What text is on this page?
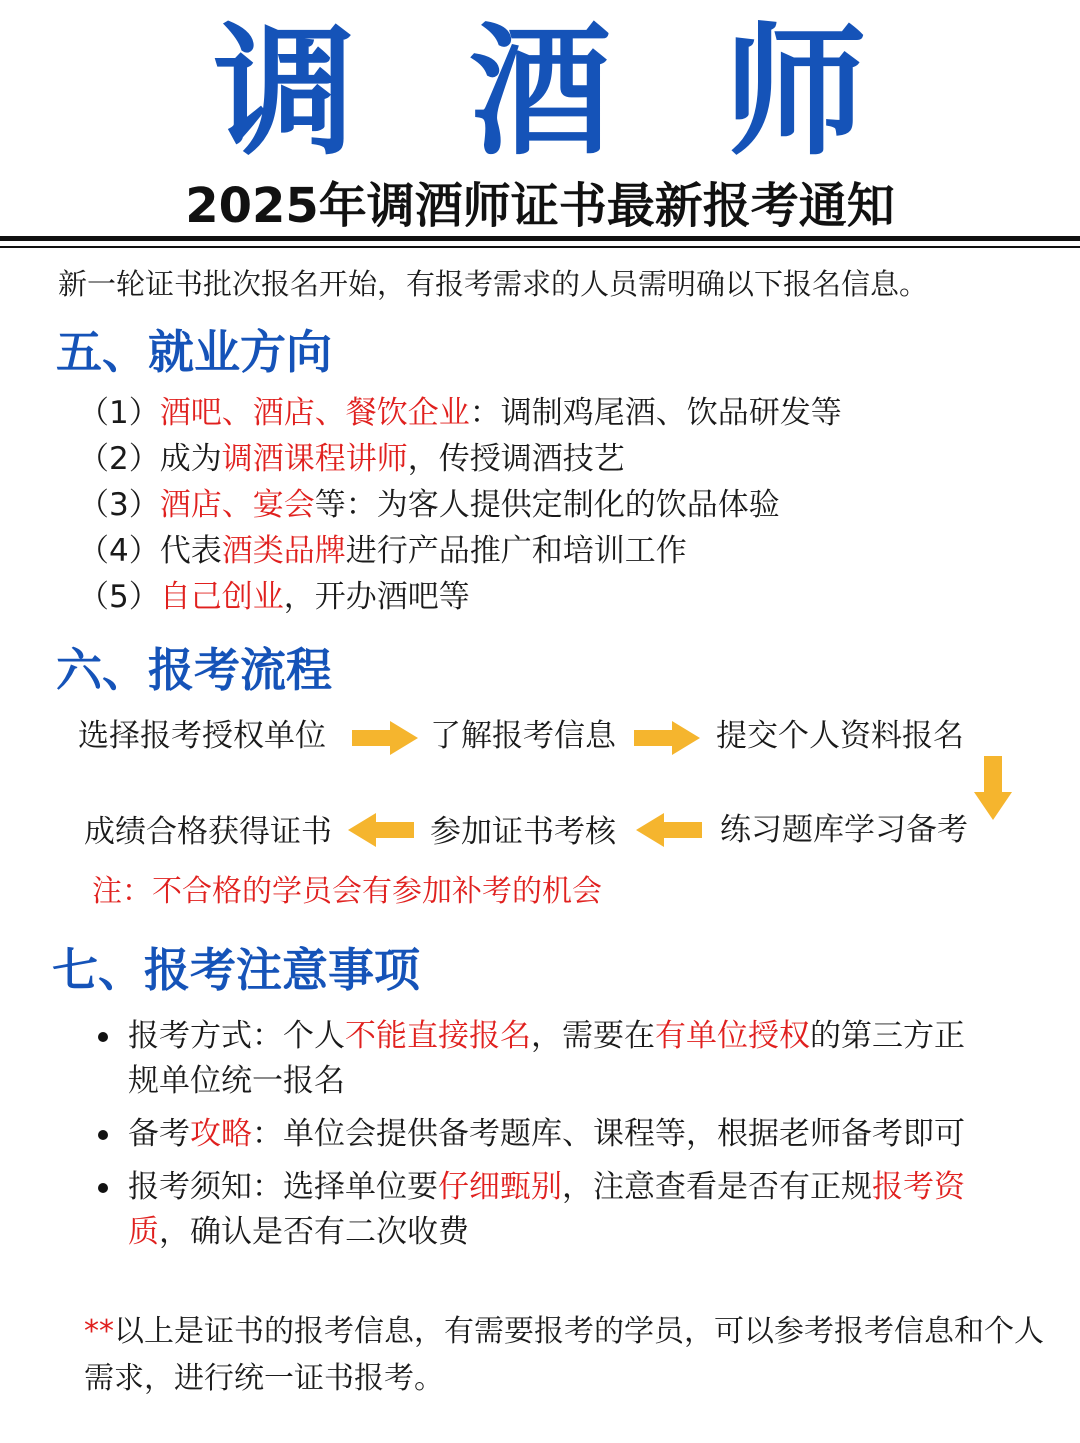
调 酒 师
2025年调酒师证书最新报考通知
新一轮证书批次报名开始，有报考需求的人员需明确以下报名信息。
五、就业方向
（1）酒吧、酒店、餐饮企业：调制鸡尾酒、饮品研发等
（2）成为调酒课程讲师，传授调酒技艺
（3）酒店、宴会等：为客人提供定制化的饮品体验
（4）代表酒类品牌进行产品推广和培训工作
（5）自己创业，开办酒吧等
六、报考流程
选择报考授权单位	了解报考信息	提交个人资料报名
练习题库学习备考
参加证书考核
成绩合格获得证书
注：不合格的学员会有参加补考的机会
七、报考注意事项
报考方式：个人不能直接报名，需要在有单位授权的第三方正规单位统一报名
备考攻略：单位会提供备考题库、课程等，根据老师备考即可
报考须知：选择单位要仔细甄别，注意查看是否有正规报考资质，确认是否有二次收费
**以上是证书的报考信息，有需要报考的学员，可以参考报考信息和个人需求，进行统一证书报考。
